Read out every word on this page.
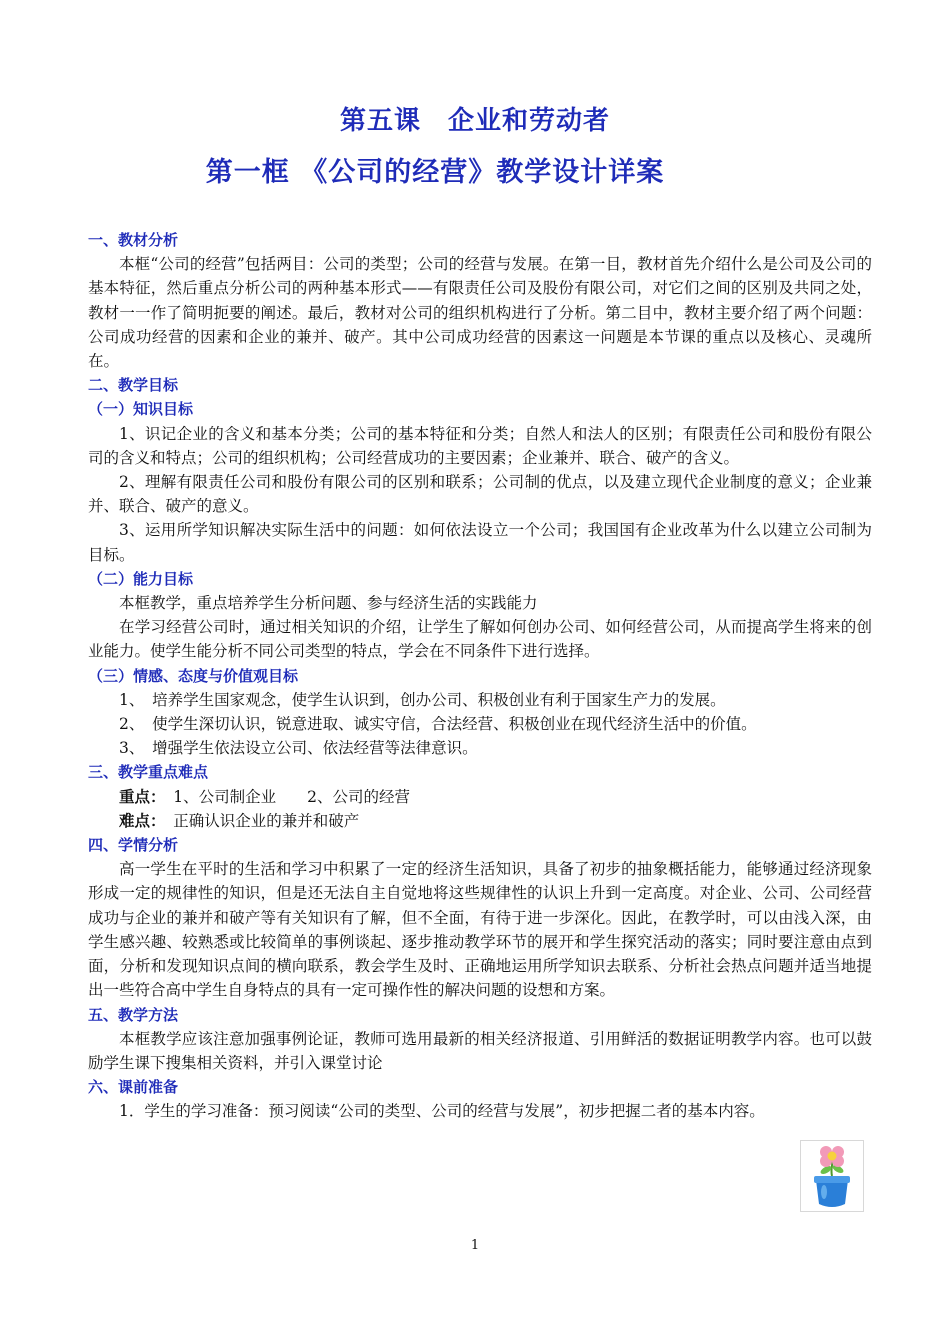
第五课　企业和劳动者
第一框 《公司的经营》教学设计详案
一、教材分析
本框“公司的经营”包括两目：公司的类型；公司的经营与发展。在第一目，教材首先介绍什么是公司及公司的基本特征，然后重点分析公司的两种基本形式——有限责任公司及股份有限公司，对它们之间的区别及共同之处，教材一一作了简明扼要的阐述。最后，教材对公司的组织机构进行了分析。第二目中，教材主要介绍了两个问题：公司成功经营的因素和企业的兼并、破产。其中公司成功经营的因素这一问题是本节课的重点以及核心、灵魂所在。
二、教学目标
（一）知识目标
1、识记企业的含义和基本分类；公司的基本特征和分类；自然人和法人的区别；有限责任公司和股份有限公司的含义和特点；公司的组织机构；公司经营成功的主要因素；企业兼并、联合、破产的含义。
2、理解有限责任公司和股份有限公司的区别和联系；公司制的优点，以及建立现代企业制度的意义；企业兼并、联合、破产的意义。
3、运用所学知识解决实际生活中的问题：如何依法设立一个公司；我国国有企业改革为什么以建立公司制为目标。
（二）能力目标
本框教学，重点培养学生分析问题、参与经济生活的实践能力
在学习经营公司时，通过相关知识的介绍，让学生了解如何创办公司、如何经营公司，从而提高学生将来的创业能力。使学生能分析不同公司类型的特点，学会在不同条件下进行选择。
（三）情感、态度与价值观目标
1、　培养学生国家观念，使学生认识到，创办公司、积极创业有利于国家生产力的发展。
2、　使学生深切认识，锐意进取、诚实守信，合法经营、积极创业在现代经济生活中的价值。
3、　增强学生依法设立公司、依法经营等法律意识。
三、教学重点难点
重点：　1、公司制企业　　2、公司的经营
难点：　正确认识企业的兼并和破产
四、学情分析
高一学生在平时的生活和学习中积累了一定的经济生活知识，具备了初步的抽象概括能力，能够通过经济现象形成一定的规律性的知识，但是还无法自主自觉地将这些规律性的认识上升到一定高度。对企业、公司、公司经营成功与企业的兼并和破产等有关知识有了解，但不全面，有待于进一步深化。因此，在教学时，可以由浅入深，由学生感兴趣、较熟悉或比较简单的事例谈起、逐步推动教学环节的展开和学生探究活动的落实；同时要注意由点到面，分析和发现知识点间的横向联系，教会学生及时、正确地运用所学知识去联系、分析社会热点问题并适当地提出一些符合高中学生自身特点的具有一定可操作性的解决问题的设想和方案。
五、教学方法
本框教学应该注意加强事例论证，教师可选用最新的相关经济报道、引用鲜活的数据证明教学内容。也可以鼓励学生课下搜集相关资料，并引入课堂讨论
六、课前准备
1．学生的学习准备：预习阅读“公司的类型、公司的经营与发展”，初步把握二者的基本内容。
1
